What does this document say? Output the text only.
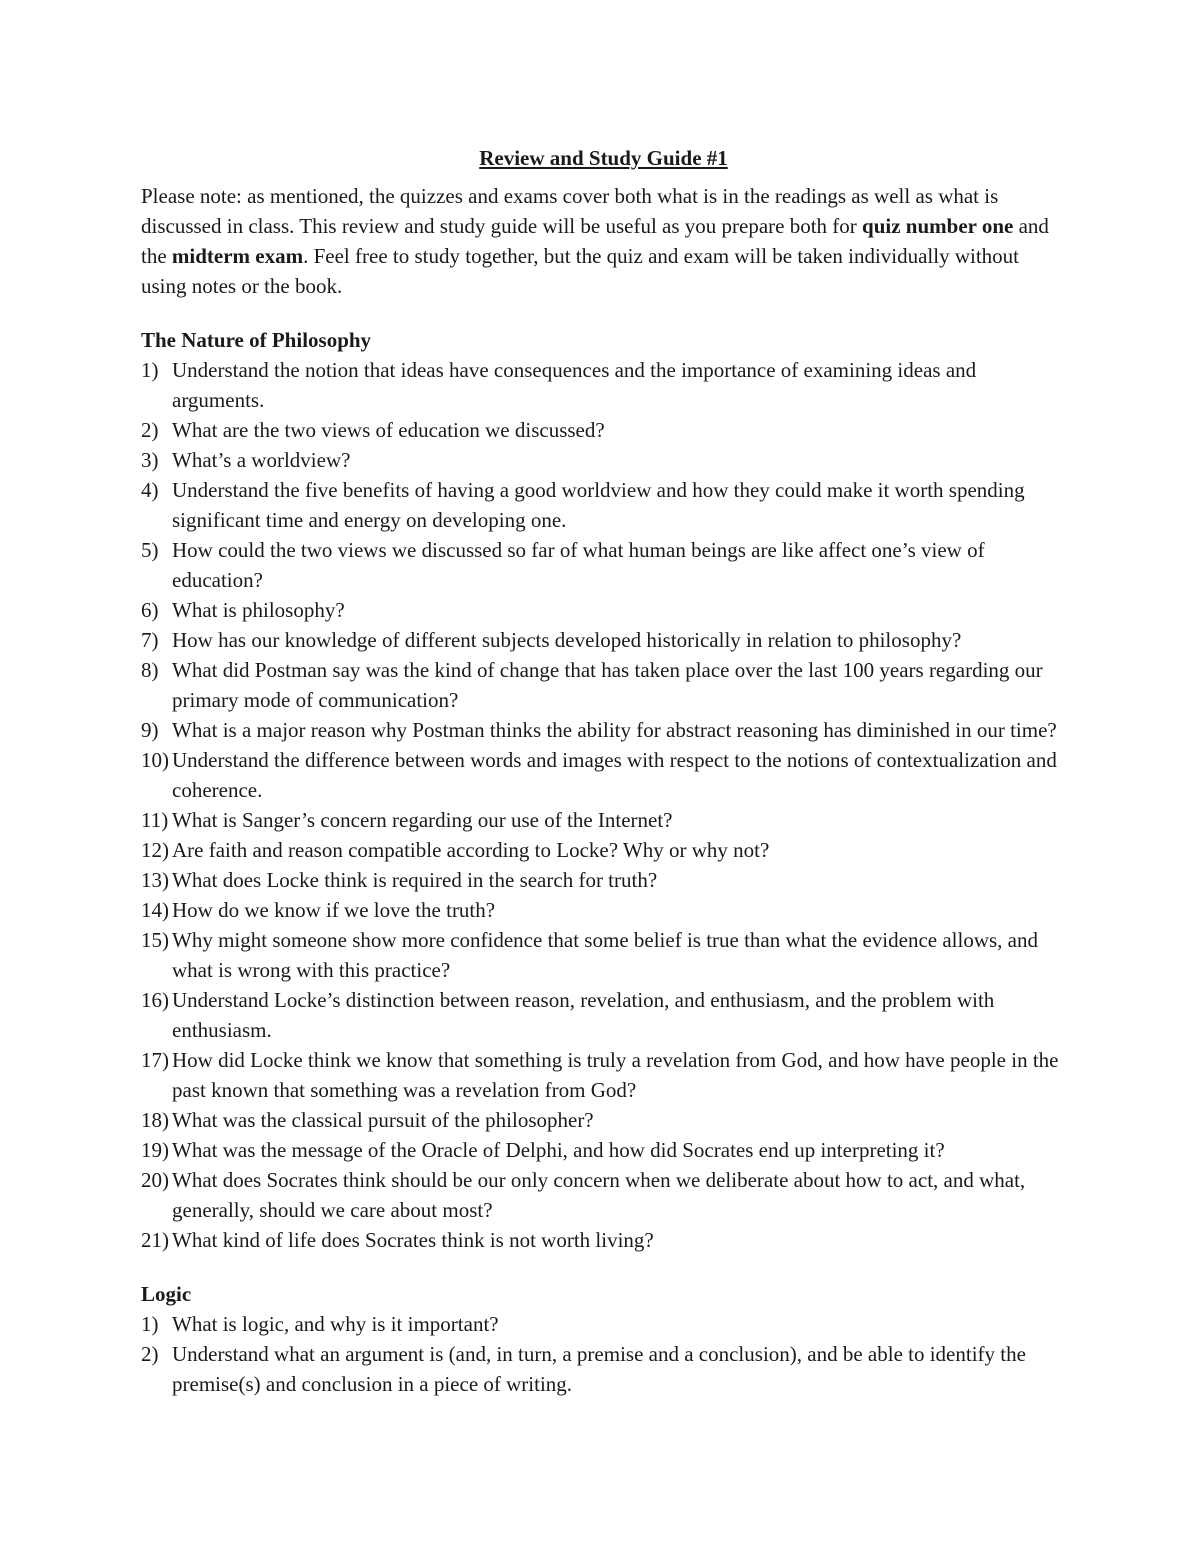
Review and Study Guide #1

Please note: as mentioned, the quizzes and exams cover both what is in the readings as well as what is discussed in class. This review and study guide will be useful as you prepare both for quiz number one and the midterm exam. Feel free to study together, but the quiz and exam will be taken individually without using notes or the book.

The Nature of Philosophy
1) Understand the notion that ideas have consequences and the importance of examining ideas and arguments.
2) What are the two views of education we discussed?
3) What’s a worldview?
4) Understand the five benefits of having a good worldview and how they could make it worth spending significant time and energy on developing one.
5) How could the two views we discussed so far of what human beings are like affect one’s view of education?
6) What is philosophy?
7) How has our knowledge of different subjects developed historically in relation to philosophy?
8) What did Postman say was the kind of change that has taken place over the last 100 years regarding our primary mode of communication?
9) What is a major reason why Postman thinks the ability for abstract reasoning has diminished in our time?
10) Understand the difference between words and images with respect to the notions of contextualization and coherence.
11) What is Sanger’s concern regarding our use of the Internet?
12) Are faith and reason compatible according to Locke? Why or why not?
13) What does Locke think is required in the search for truth?
14) How do we know if we love the truth?
15) Why might someone show more confidence that some belief is true than what the evidence allows, and what is wrong with this practice?
16) Understand Locke’s distinction between reason, revelation, and enthusiasm, and the problem with enthusiasm.
17) How did Locke think we know that something is truly a revelation from God, and how have people in the past known that something was a revelation from God?
18) What was the classical pursuit of the philosopher?
19) What was the message of the Oracle of Delphi, and how did Socrates end up interpreting it?
20) What does Socrates think should be our only concern when we deliberate about how to act, and what, generally, should we care about most?
21) What kind of life does Socrates think is not worth living?
Logic
1) What is logic, and why is it important?
2) Understand what an argument is (and, in turn, a premise and a conclusion), and be able to identify the premise(s) and conclusion in a piece of writing.
